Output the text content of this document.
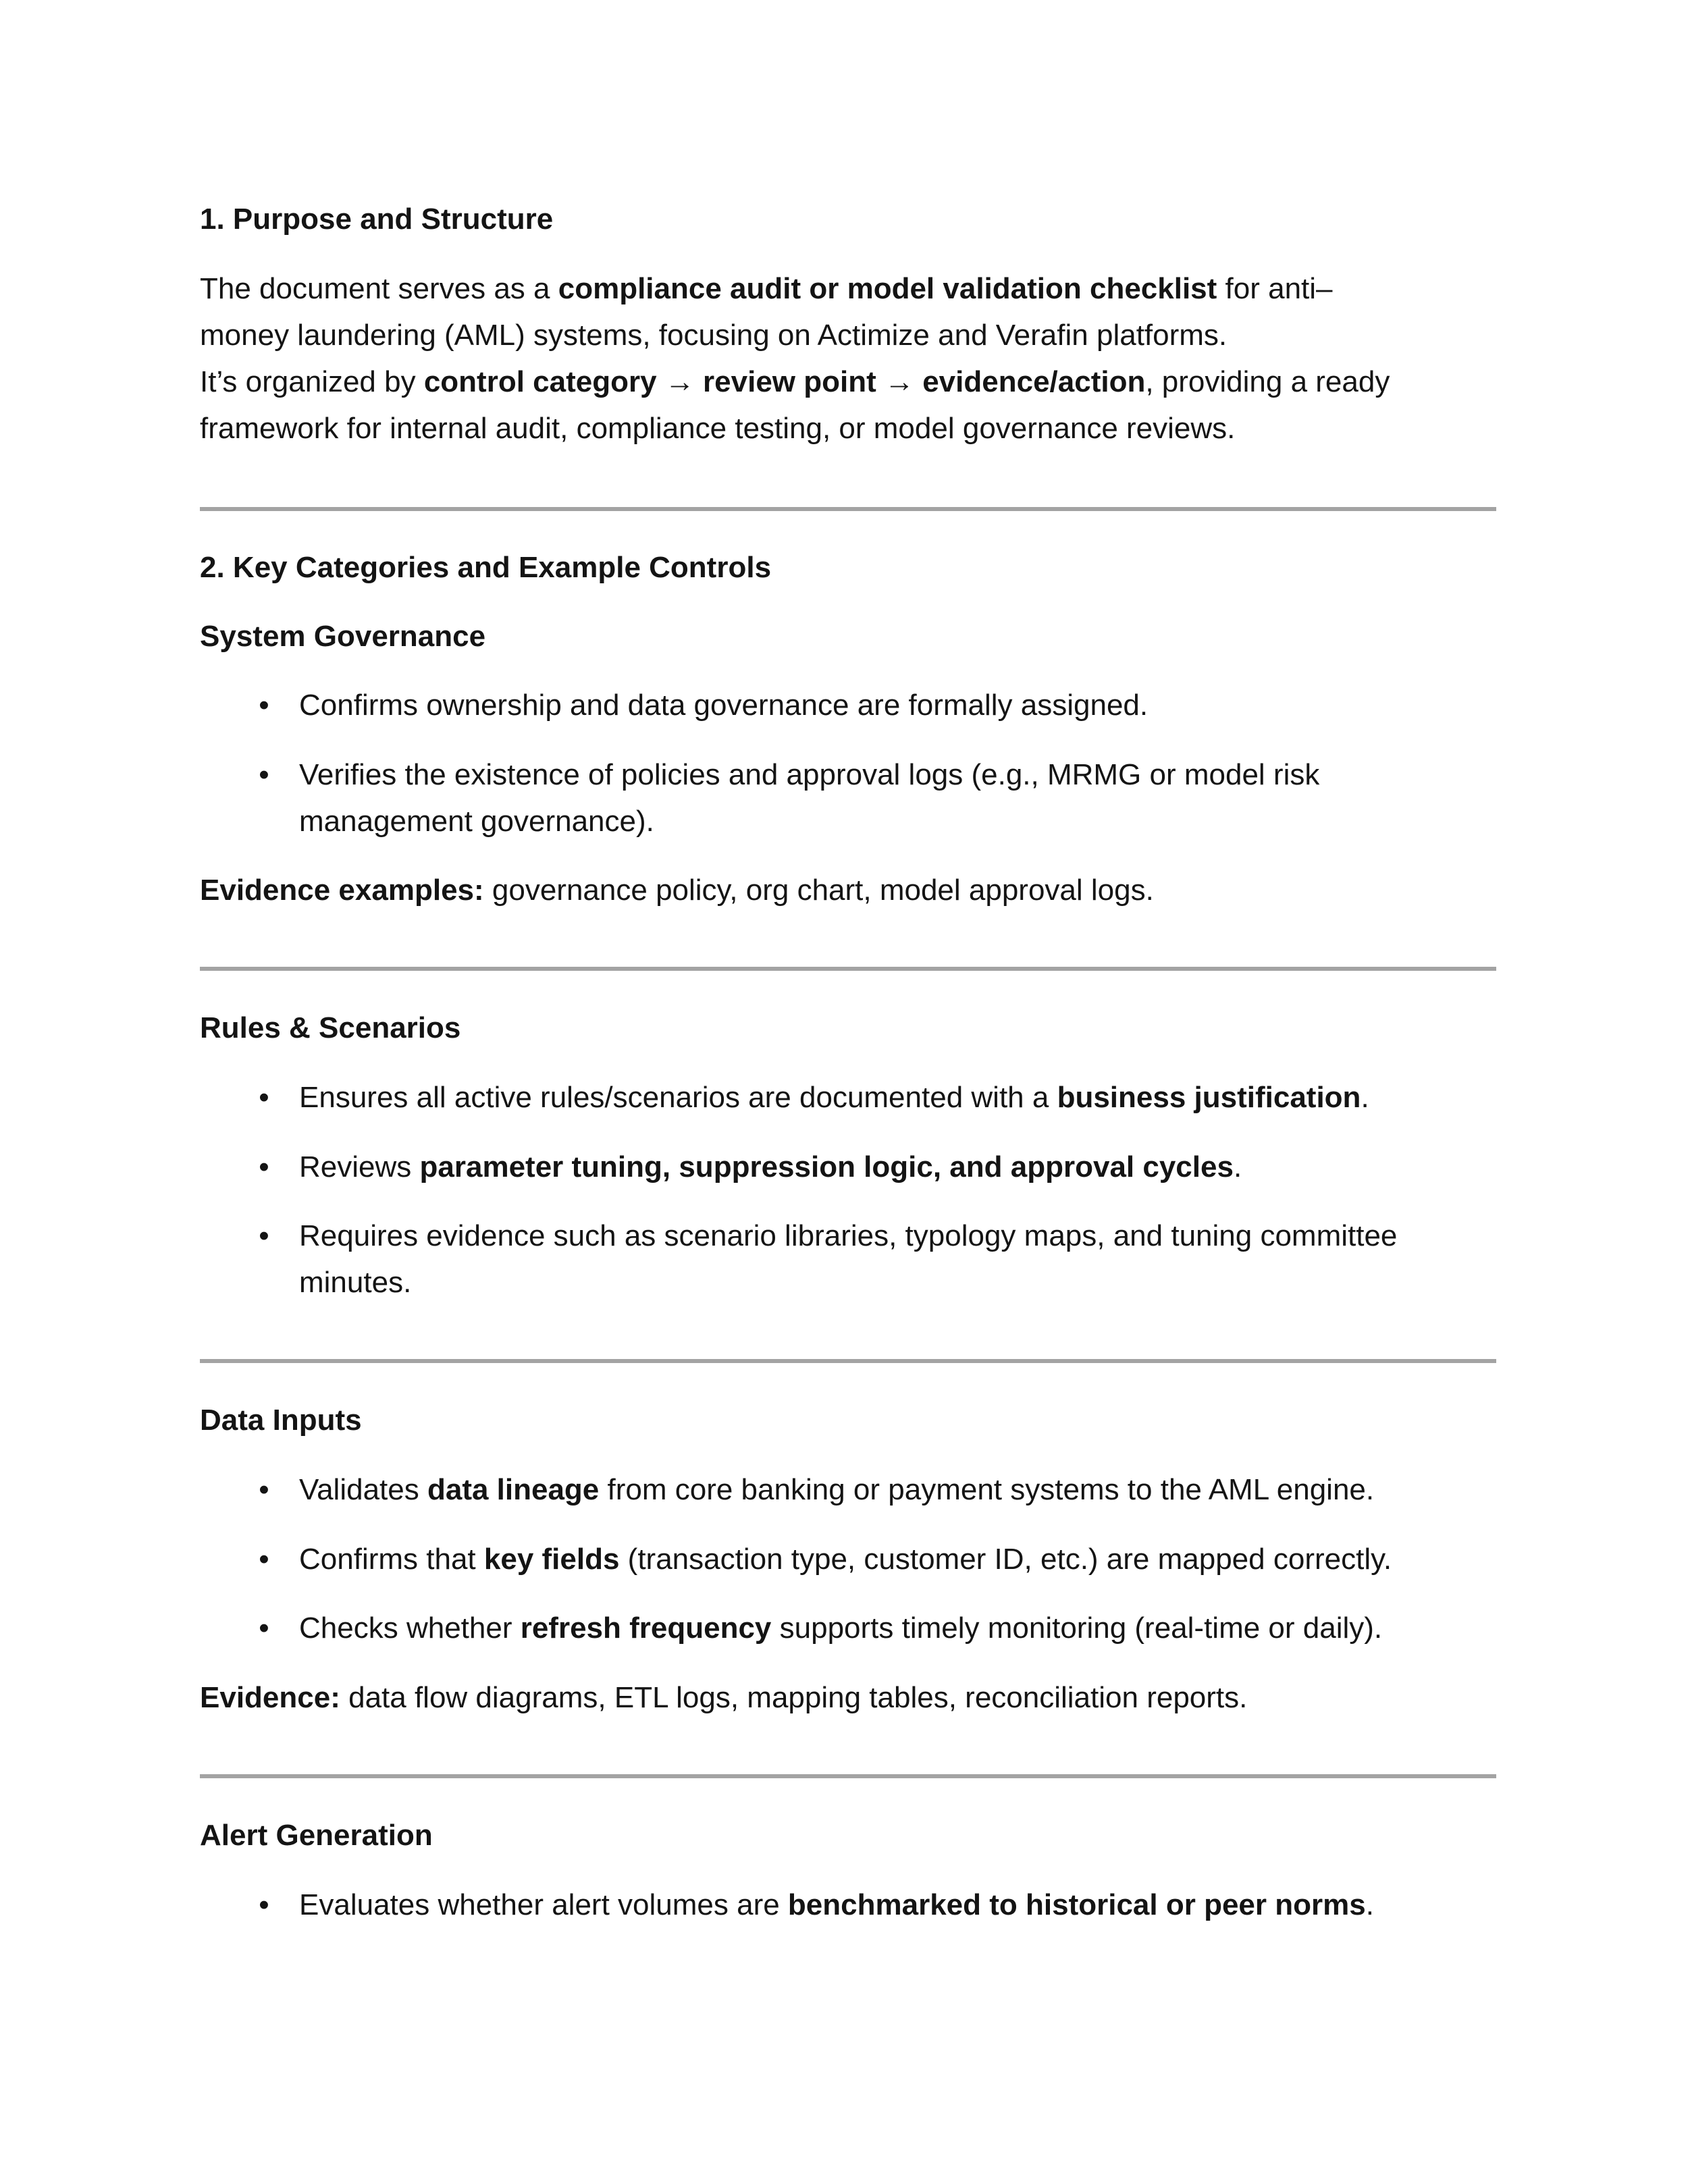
1. Purpose and Structure
The document serves as a compliance audit or model validation checklist for anti–
money laundering (AML) systems, focusing on Actimize and Verafin platforms.
It’s organized by control category → review point → evidence/action, providing a ready
framework for internal audit, compliance testing, or model governance reviews.
2. Key Categories and Example Controls
System Governance
• Confirms ownership and data governance are formally assigned.
• Verifies the existence of policies and approval logs (e.g., MRMG or model risk
management governance).
Evidence examples: governance policy, org chart, model approval logs.
Rules & Scenarios
• Ensures all active rules/scenarios are documented with a business justification.
• Reviews parameter tuning, suppression logic, and approval cycles.
• Requires evidence such as scenario libraries, typology maps, and tuning committee
minutes.
Data Inputs
• Validates data lineage from core banking or payment systems to the AML engine.
• Confirms that key fields (transaction type, customer ID, etc.) are mapped correctly.
• Checks whether refresh frequency supports timely monitoring (real-time or daily).
Evidence: data flow diagrams, ETL logs, mapping tables, reconciliation reports.
Alert Generation
• Evaluates whether alert volumes are benchmarked to historical or peer norms.
